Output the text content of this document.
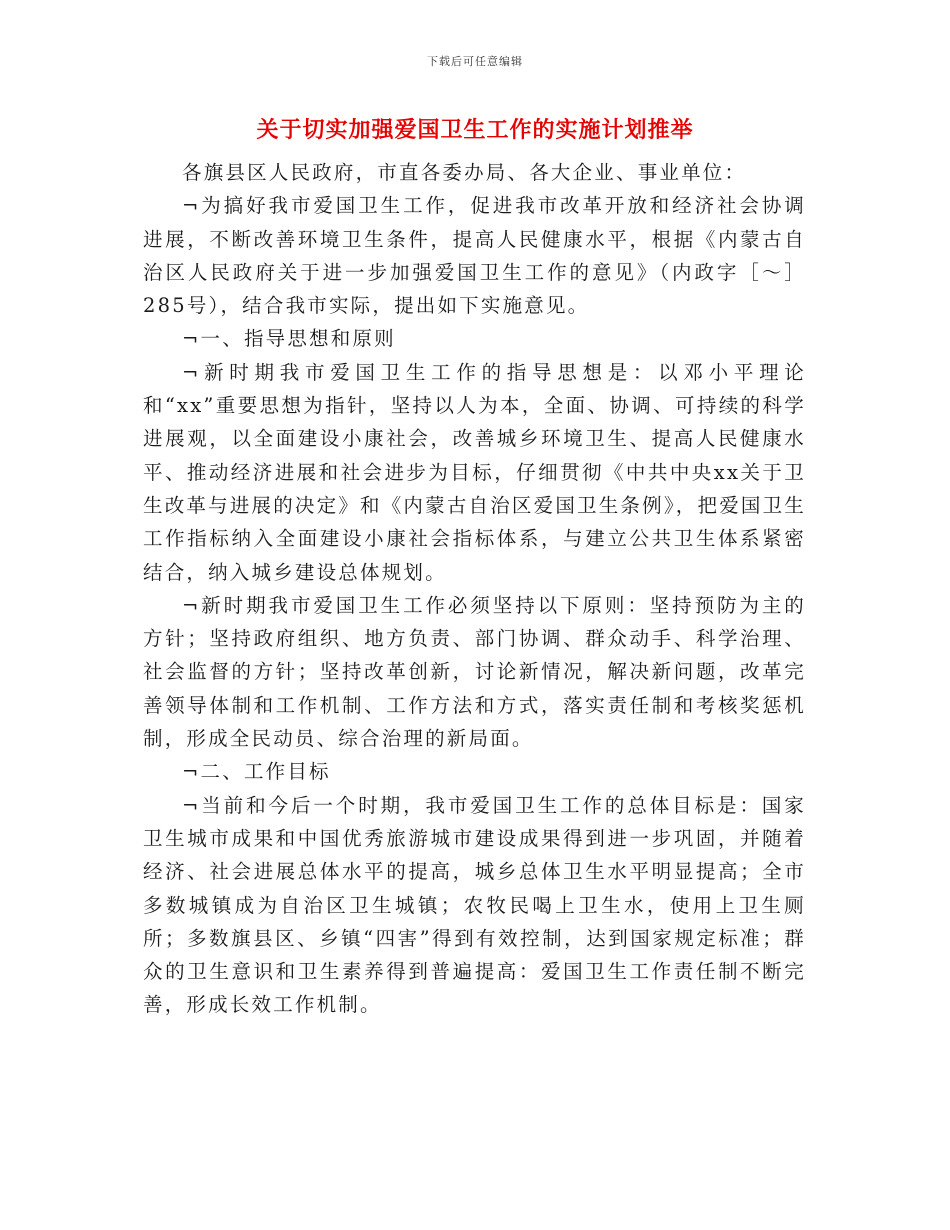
下载后可任意编辑
关于切实加强爱国卫生工作的实施计划推举

各旗县区人民政府，市直各委办局、各大企业、事业单位：

¬为搞好我市爱国卫生工作，促进我市改革开放和经济社会协调进展，不断改善环境卫生条件，提高人民健康水平，根据《内蒙古自治区人民政府关于进一步加强爱国卫生工作的意见》（内政字［～］285号），结合我市实际，提出如下实施意见。

¬一、指导思想和原则

¬新时期我市爱国卫生工作的指导思想是：以邓小平理论和“xx”重要思想为指针，坚持以人为本，全面、协调、可持续的科学进展观，以全面建设小康社会，改善城乡环境卫生、提高人民健康水平、推动经济进展和社会进步为目标，仔细贯彻《中共中央xx关于卫生改革与进展的决定》和《内蒙古自治区爱国卫生条例》，把爱国卫生工作指标纳入全面建设小康社会指标体系，与建立公共卫生体系紧密结合，纳入城乡建设总体规划。

¬新时期我市爱国卫生工作必须坚持以下原则：坚持预防为主的方针；坚持政府组织、地方负责、部门协调、群众动手、科学治理、社会监督的方针；坚持改革创新，讨论新情况，解决新问题，改革完善领导体制和工作机制、工作方法和方式，落实责任制和考核奖惩机制，形成全民动员、综合治理的新局面。

¬二、工作目标

¬当前和今后一个时期，我市爱国卫生工作的总体目标是：国家卫生城市成果和中国优秀旅游城市建设成果得到进一步巩固，并随着经济、社会进展总体水平的提高，城乡总体卫生水平明显提高；全市多数城镇成为自治区卫生城镇；农牧民喝上卫生水，使用上卫生厕所；多数旗县区、乡镇“四害”得到有效控制，达到国家规定标准；群众的卫生意识和卫生素养得到普遍提高：爱国卫生工作责任制不断完善，形成长效工作机制。
